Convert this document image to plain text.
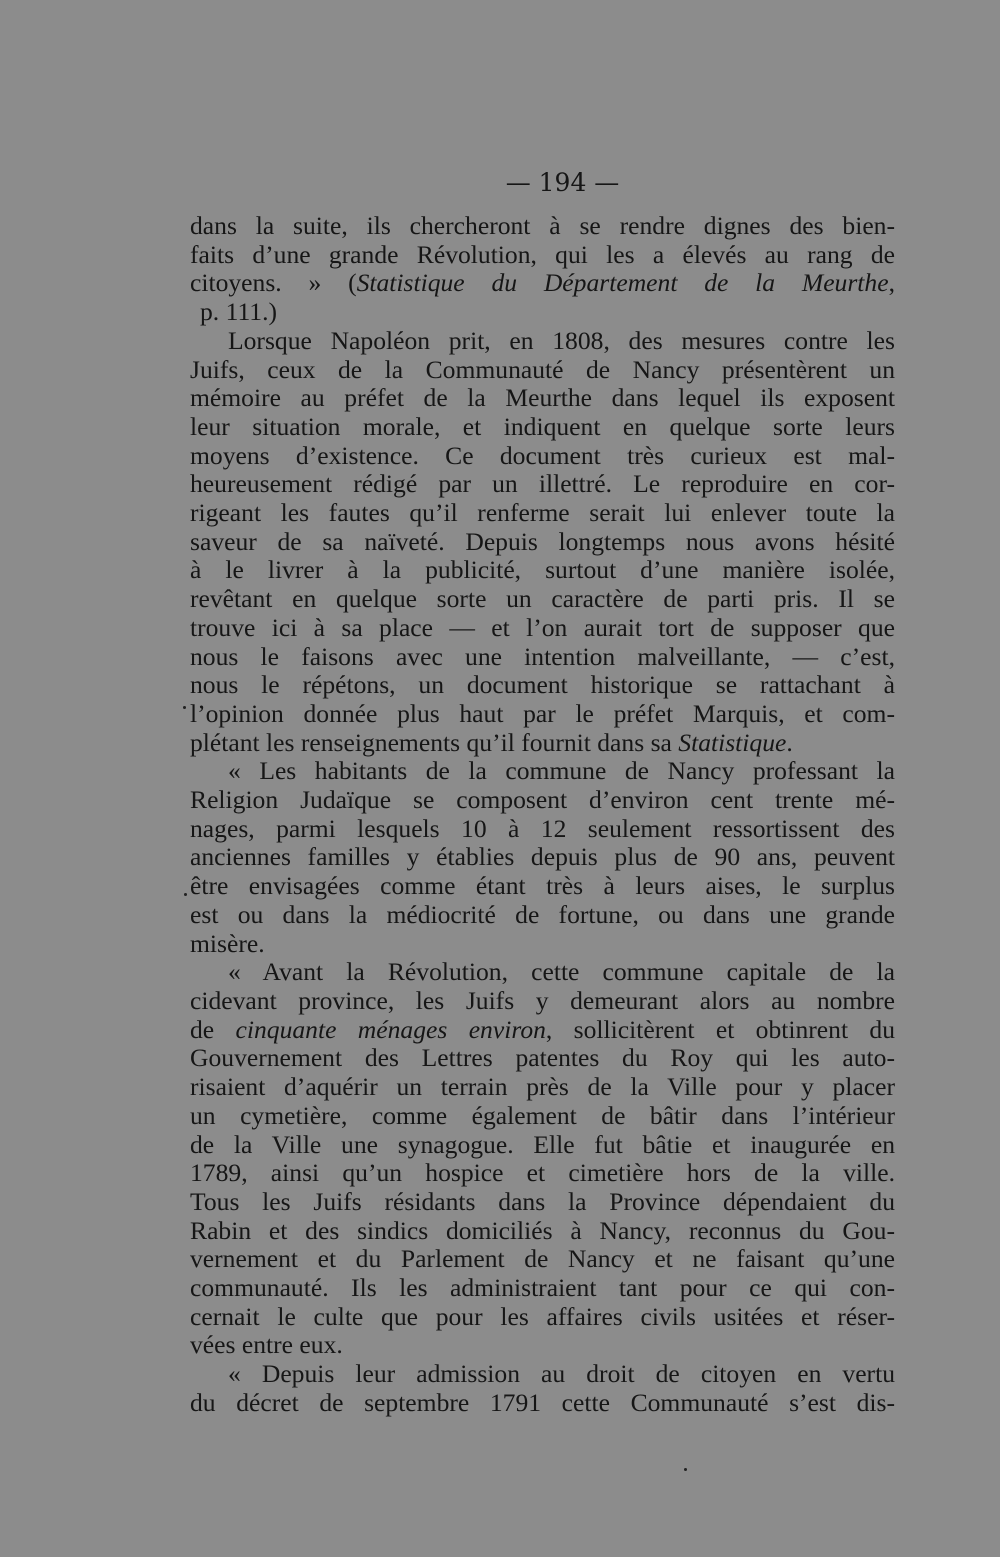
— 194 —
dans la suite, ils chercheront à se rendre dignes des bien-
faits d’une grande Révolution, qui les a élevés au rang de
citoyens. » (Statistique du Département de la Meurthe,
p. 111.)
Lorsque Napoléon prit, en 1808, des mesures contre les
Juifs, ceux de la Communauté de Nancy présentèrent un
mémoire au préfet de la Meurthe dans lequel ils exposent
leur situation morale, et indiquent en quelque sorte leurs
moyens d’existence. Ce document très curieux est mal-
heureusement rédigé par un illettré. Le reproduire en cor-
rigeant les fautes qu’il renferme serait lui enlever toute la
saveur de sa naïveté. Depuis longtemps nous avons hésité
à le livrer à la publicité, surtout d’une manière isolée,
revêtant en quelque sorte un caractère de parti pris. Il se
trouve ici à sa place — et l’on aurait tort de supposer que
nous le faisons avec une intention malveillante, — c’est,
nous le répétons, un document historique se rattachant à
l’opinion donnée plus haut par le préfet Marquis, et com-
plétant les renseignements qu’il fournit dans sa Statistique.
« Les habitants de la commune de Nancy professant la
Religion Judaïque se composent d’environ cent trente mé-
nages, parmi lesquels 10 à 12 seulement ressortissent des
anciennes familles y établies depuis plus de 90 ans, peuvent
être envisagées comme étant très à leurs aises, le surplus
est ou dans la médiocrité de fortune, ou dans une grande
misère.
« Avant la Révolution, cette commune capitale de la
cidevant province, les Juifs y demeurant alors au nombre
de cinquante ménages environ, sollicitèrent et obtinrent du
Gouvernement des Lettres patentes du Roy qui les auto-
risaient d’aquérir un terrain près de la Ville pour y placer
un cymetière, comme également de bâtir dans l’intérieur
de la Ville une synagogue. Elle fut bâtie et inaugurée en
1789, ainsi qu’un hospice et cimetière hors de la ville.
Tous les Juifs résidants dans la Province dépendaient du
Rabin et des sindics domiciliés à Nancy, reconnus du Gou-
vernement et du Parlement de Nancy et ne faisant qu’une
communauté. Ils les administraient tant pour ce qui con-
cernait le culte que pour les affaires civils usitées et réser-
vées entre eux.
« Depuis leur admission au droit de citoyen en vertu
du décret de septembre 1791 cette Communauté s’est dis-
